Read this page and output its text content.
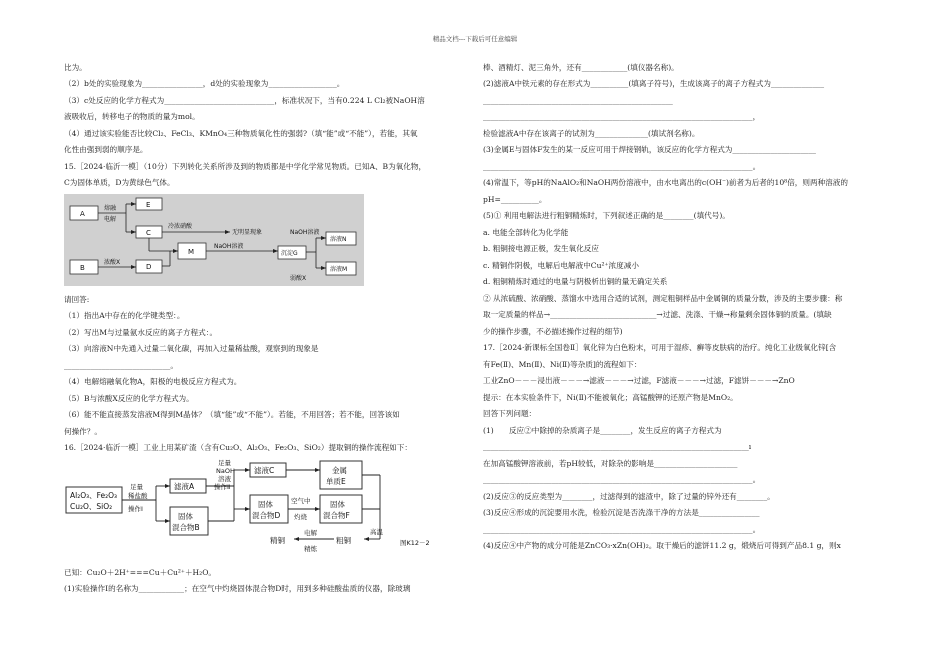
精品文档---下载后可任意编辑

比为。

（2）b处的实验现象为________________，d处的实验现象为__________________。

（3）c处反应的化学方程式为_____________________________，标准状况下，当有0.224 L Cl₂被NaOH溶

液吸收后，转移电子的物质的量为mol。

（4）通过该实验能否比较Cl₂、FeCl₃、KMnO₄三种物质氧化性的强弱?（填“能”或“不能”），若能，其氧

化性由强到弱的顺序是。

15.［2024·临沂一模］（10分）下列转化关系所涉及到的物质都是中学化学常见物质。已知A、B为氧化物，

C为固体单质，D为黄绿色气体。

A
E
C
B	D
M	沉淀G
溶液N
溶液M
熔融
电解
冷浓硝酸
无明显现象
浓酸X
NaOH溶液
NaOH溶液
弱酸X

请回答:

（1）指出A中存在的化学键类型：。

（2）写出M与过量氨水反应的离子方程式：。

（3）向溶液N中先通入过量二氧化碳，再加入过量稀盐酸，观察到的现象是

____________________________。

（4）电解熔融氧化物A，阳极的电极反应方程式为。

（5）B与浓酸X反应的化学方程式为。

（6）能不能直接蒸发溶液M得到M晶体？（填“能”或“不能”）。若能，不用回答；若不能，回答该如

何操作？。

16.［2024·临沂一模］工业上用某矿渣（含有Cu₂O、Al₂O₃、Fe₂O₃、SiO₂）提取铜的操作流程如下：

Al₂O₃、Fe₂O₃
Cu₂O、SiO₂
足量
稀盐酸
操作Ⅰ
滤液A
固体
混合物B
足量
NaOH
溶液
操作Ⅱ
滤液C
固体
混合物D
空气中
灼烧
固体
混合物F
金属
单质E
高温
粗铜
电解
精炼
精铜	图K12－2

已知：Cu₂O＋2H⁺===Cu＋Cu²⁺＋H₂O。

(1)实验操作Ⅰ的名称为____________；在空气中灼烧固体混合物D时，用到多种硅酸盐质的仪器，除玻璃

棒、酒精灯、泥三角外，还有____________(填仪器名称)。

(2)滤液A中铁元素的存在形式为__________(填离子符号)，生成该离子的离子方程式为______________

__________________________________________________

_______________________________________________________________________，

检验滤液A中存在该离子的试剂为______________(填试剂名称)。

(3)金属E与固体F发生的某一反应可用于焊接钢轨，该反应的化学方程式为______________________

_______________________________________________________________________。

(4)常温下，等pH的NaAlO₂和NaOH两份溶液中，由水电离出的c(OH⁻)前者为后者的10⁸倍，则两种溶液的

pH=__________。

(5)① 利用电解法进行粗铜精炼时，下列叙述正确的是________(填代号)。

a. 电能全部转化为化学能

b. 粗铜接电源正极，发生氧化反应

c. 精铜作阴极，电解后电解液中Cu²⁺浓度减小

d. 粗铜精炼时通过的电量与阴极析出铜的量无确定关系

② 从浓硫酸、浓硝酸、蒸馏水中选用合适的试剂，测定粗铜样品中金属铜的质量分数，涉及的主要步骤：称

取一定质量的样品→____________________________→过滤、洗涤、干燥→称量剩余固体铜的质量。(填缺

少的操作步骤，不必描述操作过程的细节)

17.［2024·新课标全国卷Ⅱ］氧化锌为白色粉末，可用于湿疹、癣等皮肤病的治疗。纯化工业级氧化锌[含

有Fe(Ⅱ)、Mn(Ⅱ)、Ni(Ⅱ)等杂质]的流程如下：

工业ZnO－－－浸出液－－－→滤液－－－→过滤，F滤液－－－→过滤，F滤饼－－－→ZnO

提示：在本实验条件下，Ni(Ⅱ)不能被氧化；高锰酸钾的还原产物是MnO₂。

回答下列问题：

(1)　　反应②中除掉的杂质离子是________，发生反应的离子方程式为

______________________________________________________________________ı

在加高锰酸钾溶液前，若pH较低，对除杂的影响是______________________

_______________________________________________________________________。

(2)反应③的反应类型为________，过滤得到的滤渣中，除了过量的锌外还有________。

(3)反应④形成的沉淀要用水洗，检验沉淀是否洗涤干净的方法是________________

_______________________________________________________________________。

(4)反应④中产物的成分可能是ZnCO₃·xZn(OH)₂。取干燥后的滤饼11.2 g，煅烧后可得到产品8.1 g，则x
